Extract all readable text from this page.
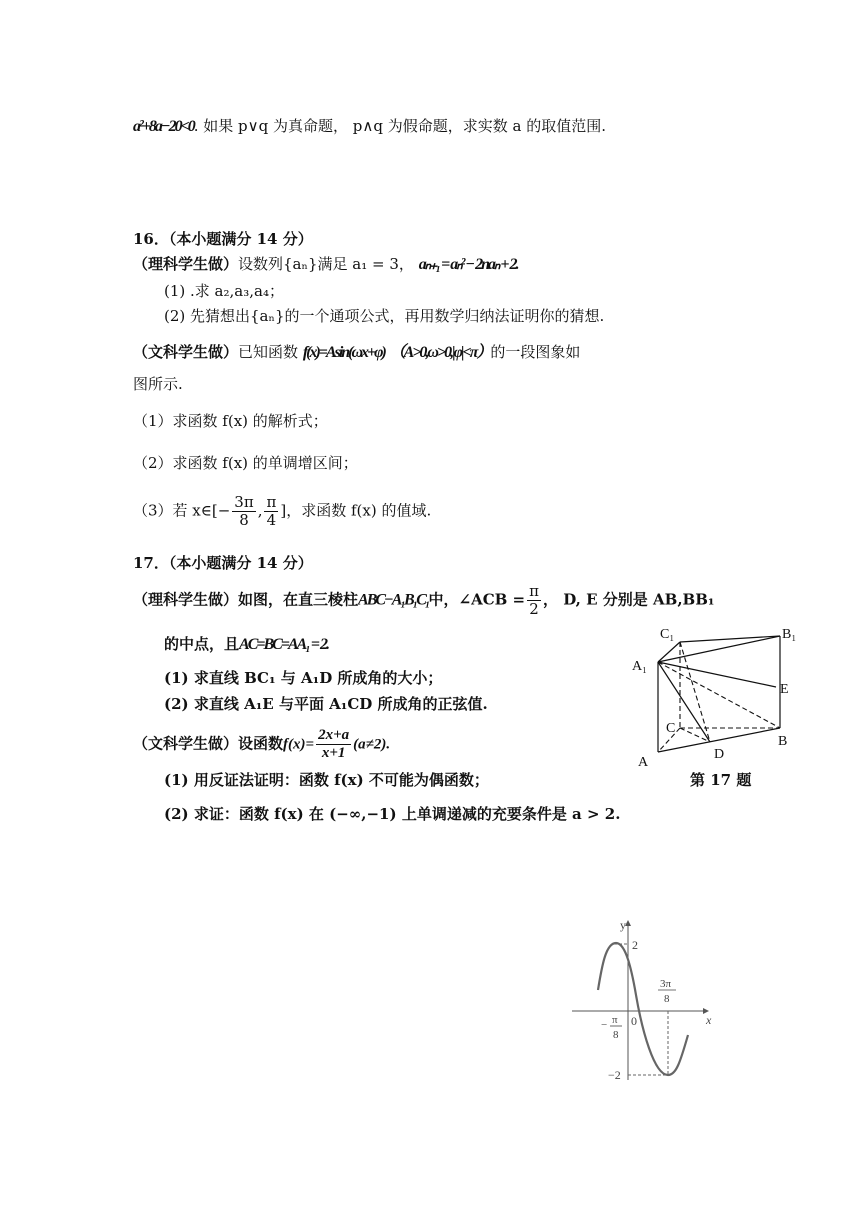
a²+8a−20<0. 如果 p∨q 为真命题， p∧q 为假命题，求实数 a 的取值范围.
16．（本小题满分 14 分）
（理科学生做）设数列{aₙ}满足 a₁ = 3， aₙ₊₁ = aₙ² − 2naₙ + 2.
(1) .求 a₂,a₃,a₄；
(2) 先猜想出{aₙ}的一个通项公式，再用数学归纳法证明你的猜想.
（文科学生做）已知函数 f(x)=Asin(ωx+φ) （A>0,ω>0,|φ|<π）的一段图象如
图所示.
（1）求函数 f(x) 的解析式；
（2）求函数 f(x) 的单调增区间；
（3）若 x∈[− $\frac{3\pi}{8}$ , $\frac{\pi}{4}$ ]，求函数 f(x) 的值域.
17．（本小题满分 14 分）
（理科学生做）如图，在直三棱柱ABC−A₁B₁C₁中，∠ACB = $\frac{\pi}{2}$ ， D, E 分别是 AB,BB₁
的中点，且AC=BC=AA₁ = 2.
(1) 求直线 BC₁ 与 A₁D 所成角的大小；
(2) 求直线 A₁E 与平面 A₁CD 所成角的正弦值.
（文科学生做）设函数$f(x)= \frac{2x+a}{x+1} (a\ne 2)$.
(1) 用反证法证明：函数 f(x) 不可能为偶函数；
(2) 求证：函数 f(x) 在 (−∞,−1) 上单调递减的充要条件是 a > 2.
C₁	B₁
A₁
E
C
B
D
A
第 17 题
y
x
2
−2
0
− π
8
3π
8
